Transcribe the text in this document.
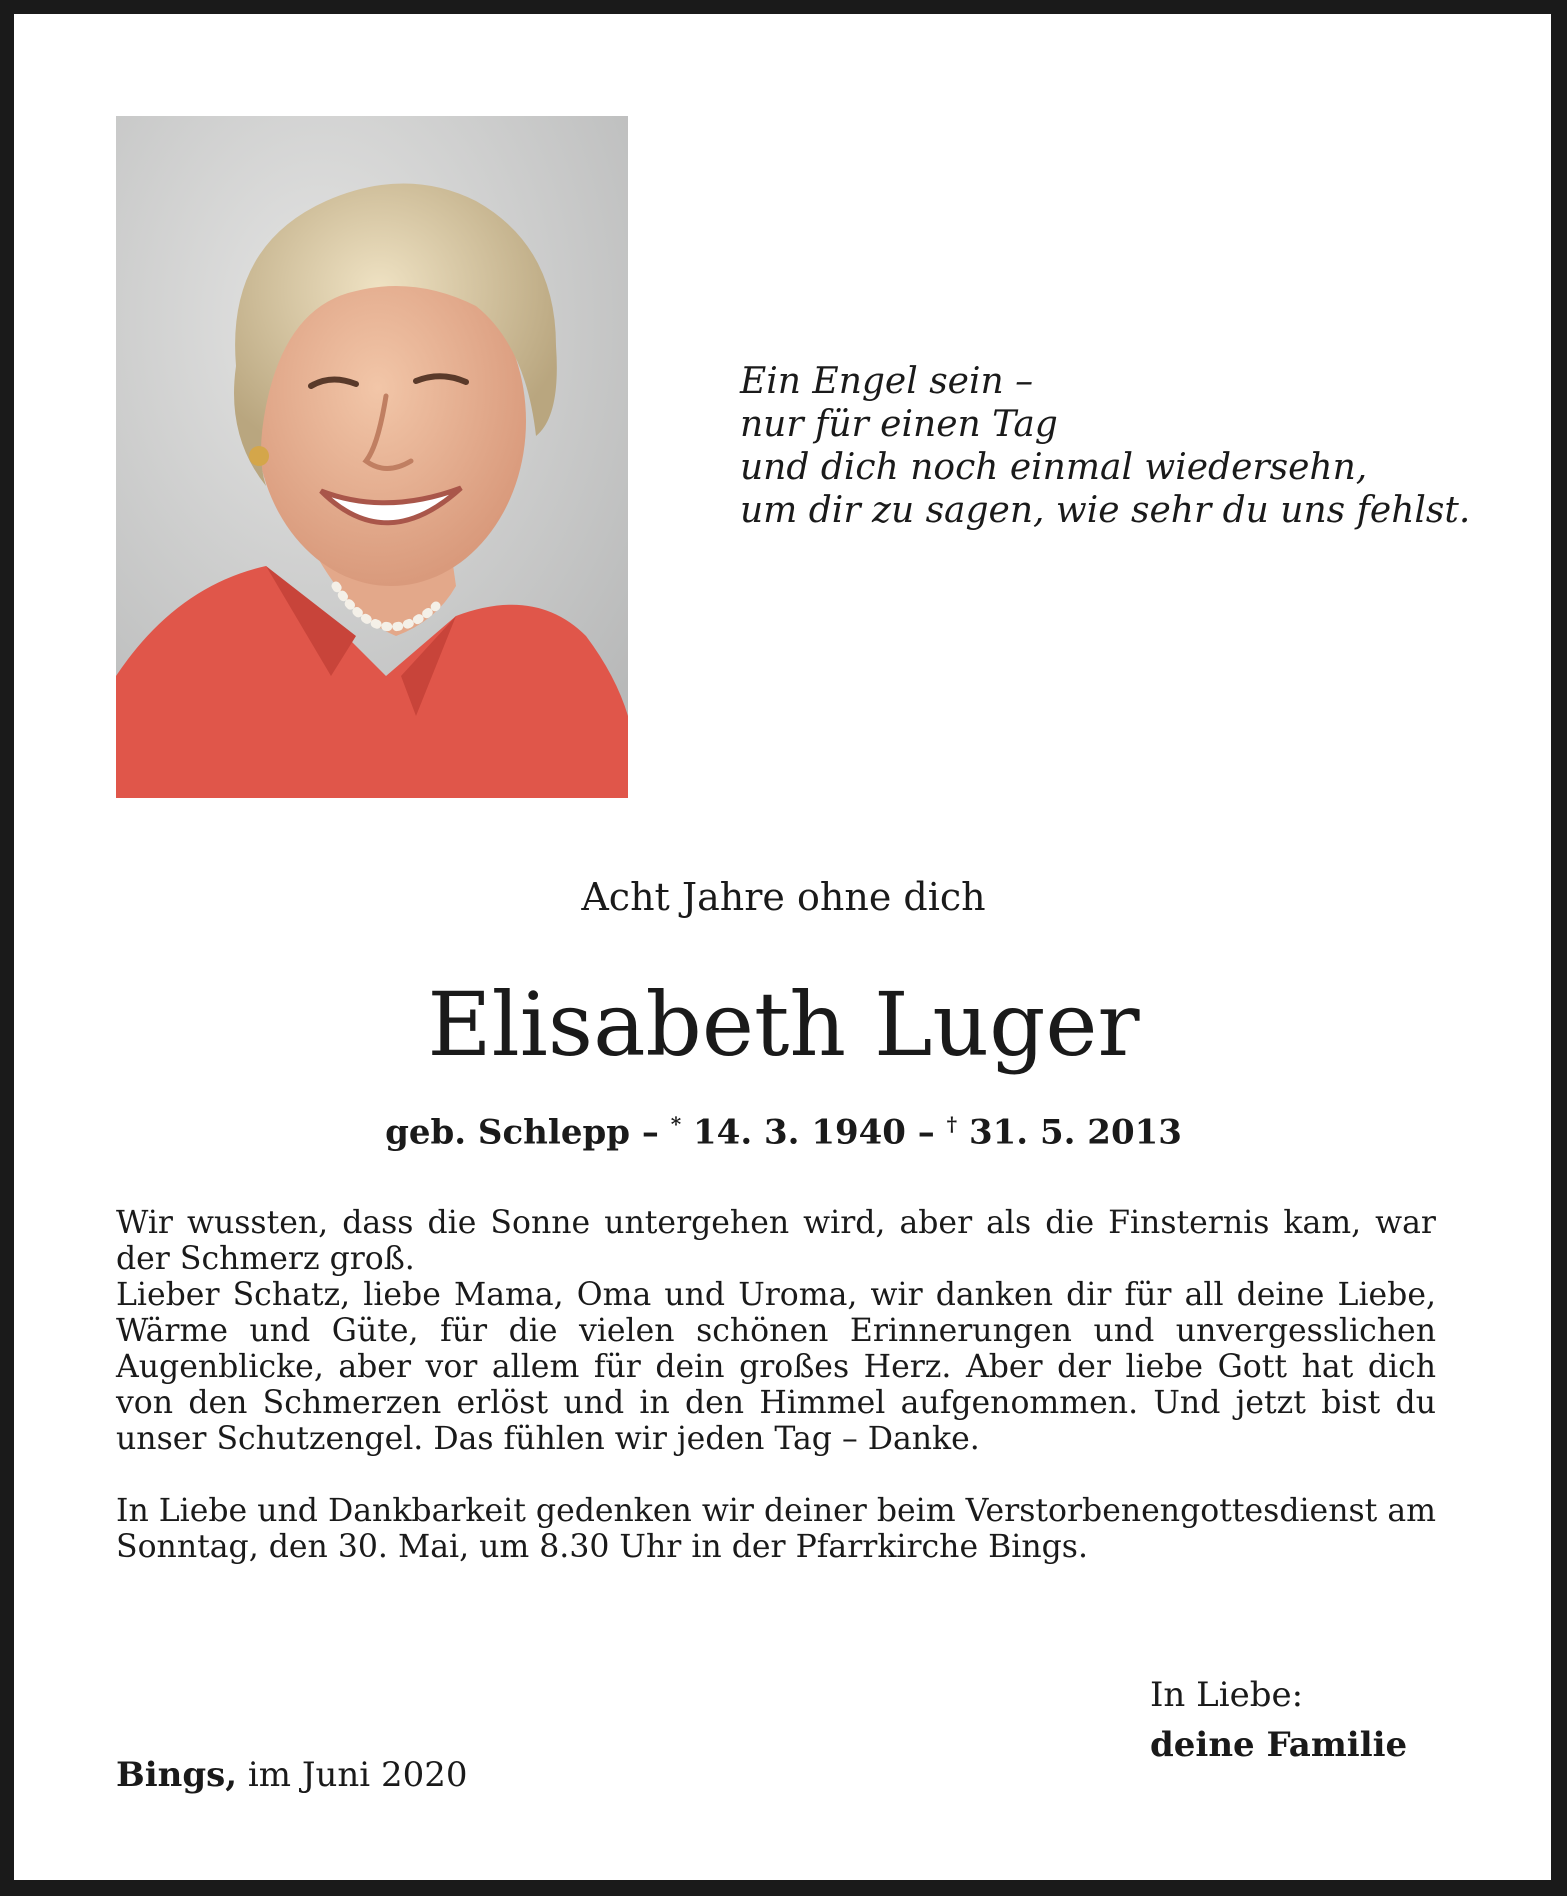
Ein Engel sein –
nur für einen Tag
und dich noch einmal wiedersehn,
um dir zu sagen, wie sehr du uns fehlst.
Acht Jahre ohne dich
Elisabeth Luger
geb. Schlepp – * 14. 3. 1940 – † 31. 5. 2013

Wir wussten, dass die Sonne untergehen wird, aber als die Finsternis kam, war der Schmerz groß.

Lieber Schatz, liebe Mama, Oma und Uroma, wir danken dir für all deine Liebe, Wärme und Güte, für die vielen schönen Erinnerungen und unvergesslichen Augenblicke, aber vor allem für dein großes Herz. Aber der liebe Gott hat dich von den Schmerzen erlöst und in den Himmel aufgenommen. Und jetzt bist du unser Schutzengel. Das fühlen wir jeden Tag – Danke.

In Liebe und Dankbarkeit gedenken wir deiner beim Verstorbenengottesdienst am Sonntag, den 30. Mai, um 8.30 Uhr in der Pfarrkirche Bings.

In Liebe:
deine Familie
Bings, im Juni 2020
